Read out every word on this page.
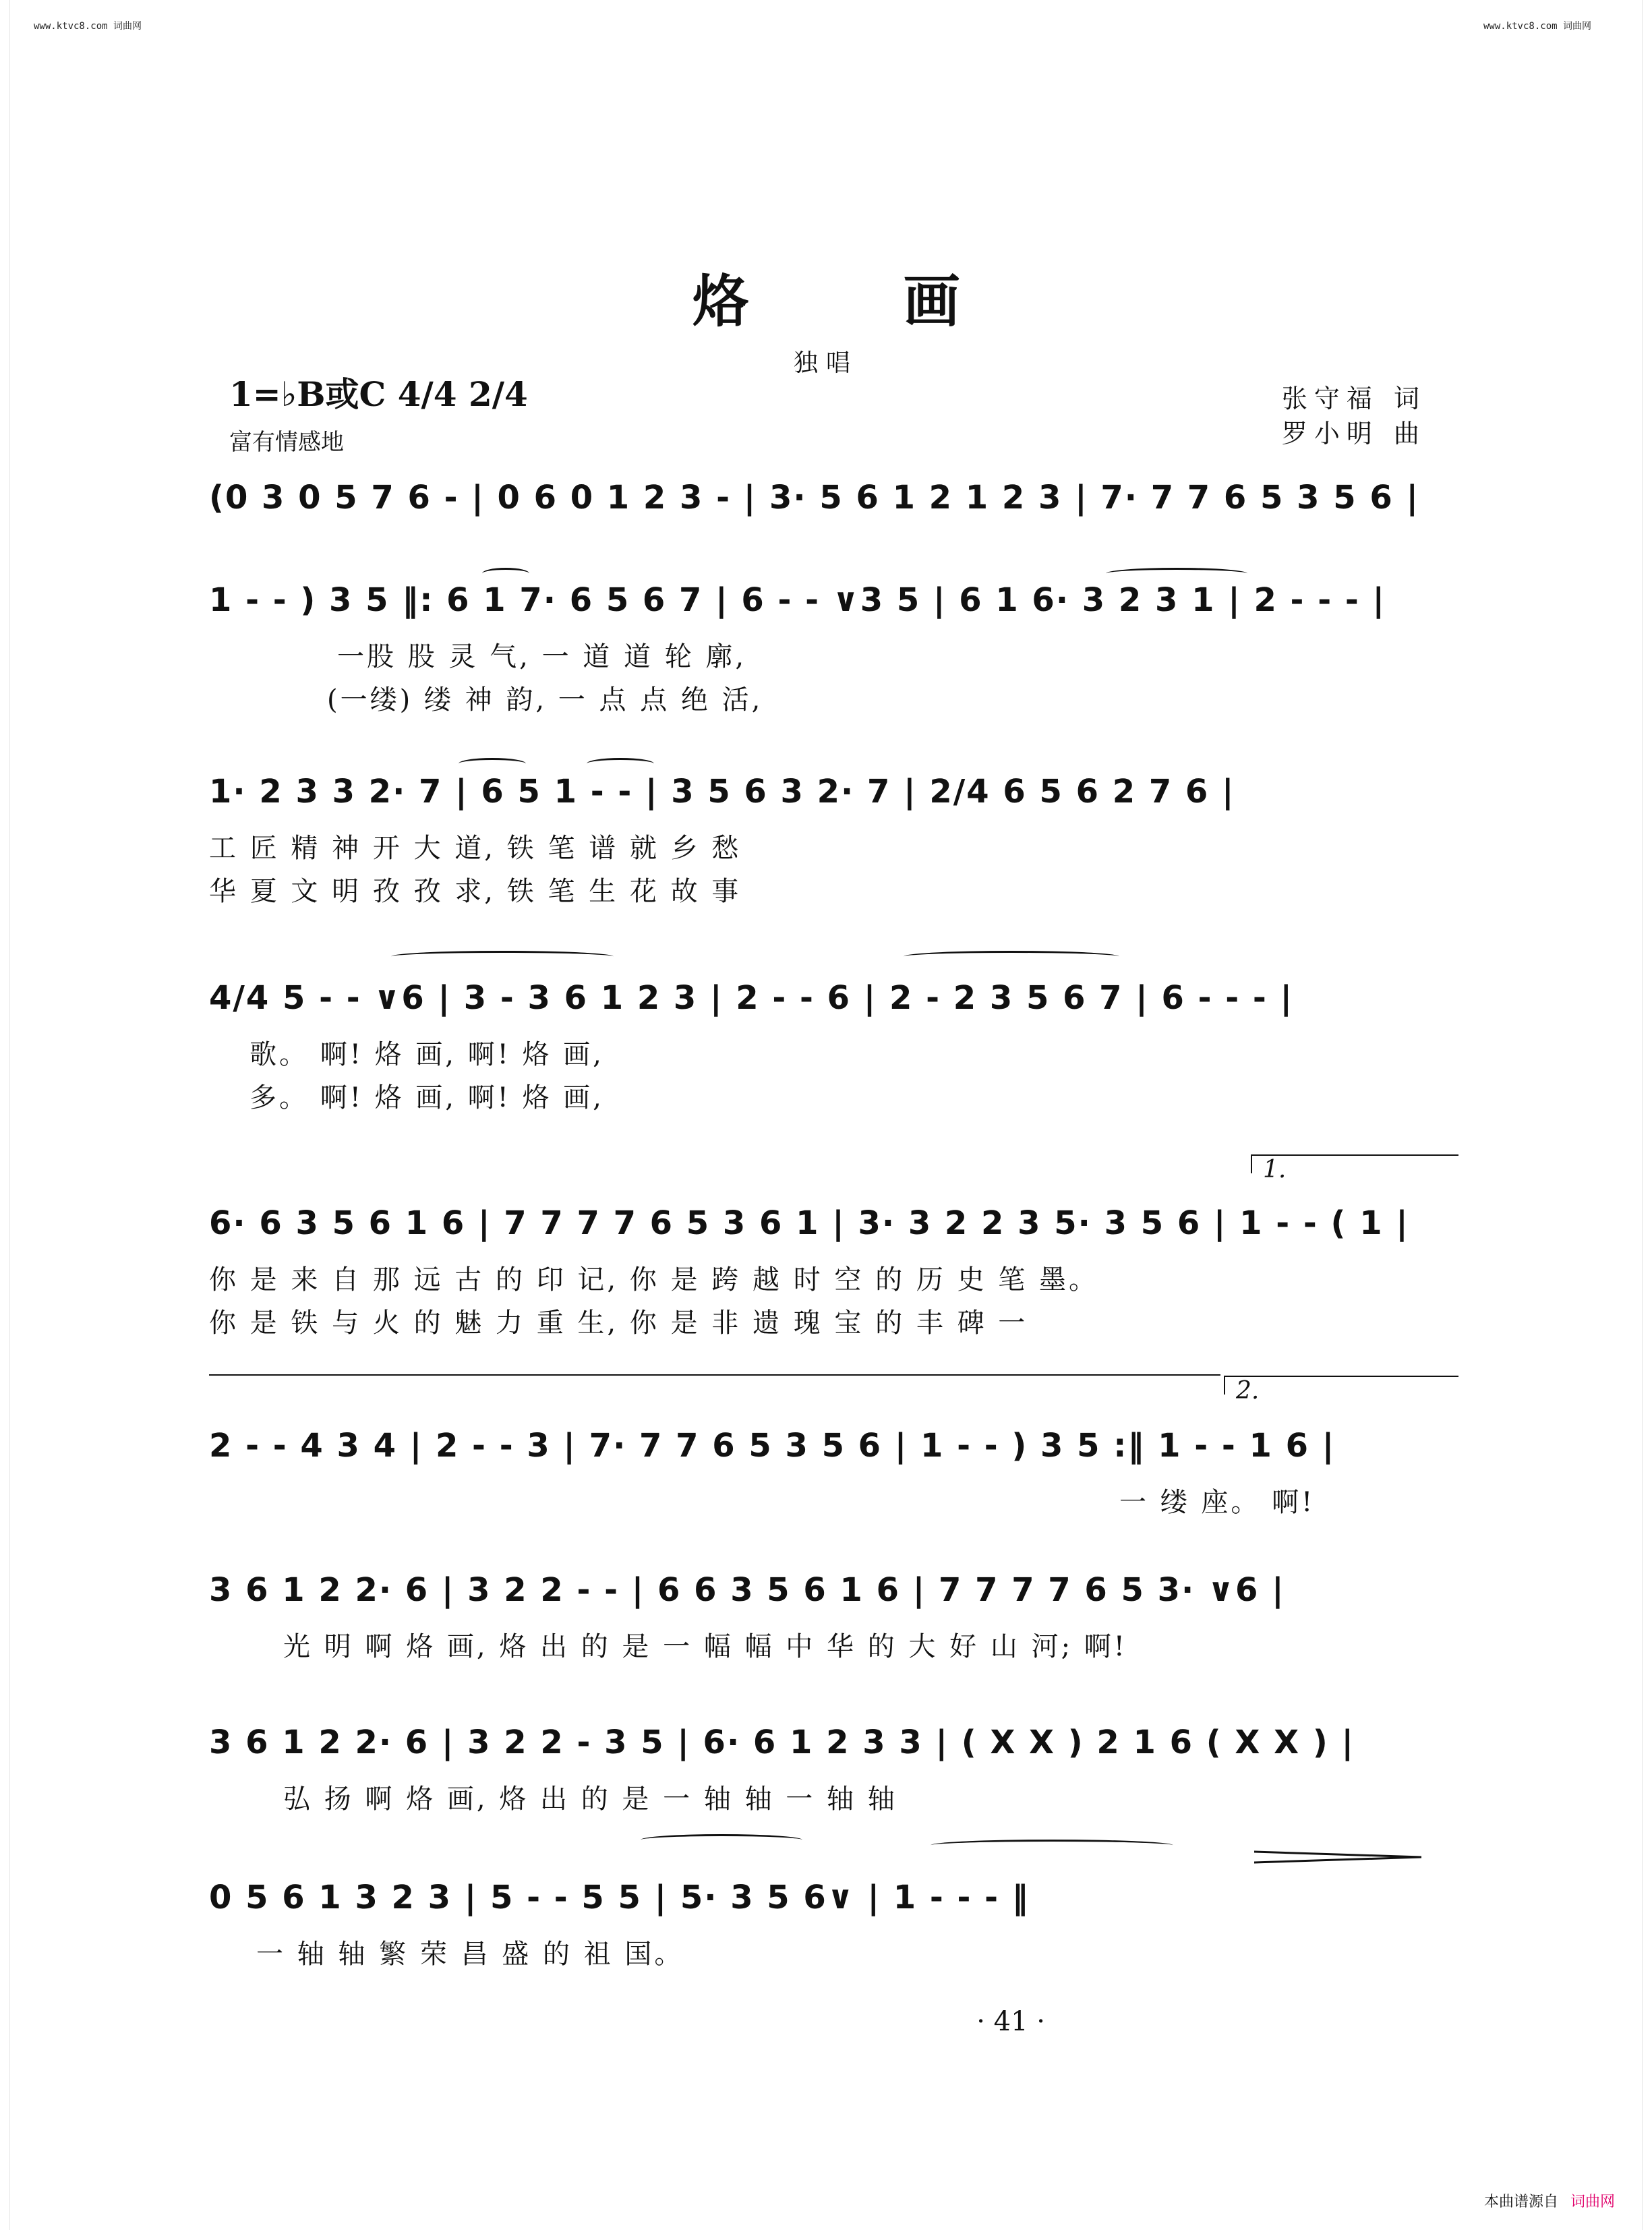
www.ktvc8.com 词曲网	www.ktvc8.com 词曲网
烙 画
独唱
1=♭B或C 4/4 2/4
富有情感地
张守福 词
罗小明 曲
(0 3 0 5 7 6 - | 0 6 0 1 2 3 - | 3· 5 6 1 2 1 2 3 | 7· 7 7 6 5 3 5 6 |
1 - - ) 3 5 ‖: 6 1 7· 6 5 6 7 | 6 - - ∨3 5 | 6 1 6· 3 2 3 1 | 2 - - - |
一股 股 灵 气, 一 道 道 轮 廓,
(一缕) 缕 神 韵, 一 点 点 绝 活,
1· 2 3 3 2· 7 | 6 5 1 - - | 3 5 6 3 2· 7 | 2/4 6 5 6 2 7 6 |
工 匠 精 神 开 大 道, 铁 笔 谱 就 乡 愁
华 夏 文 明 孜 孜 求, 铁 笔 生 花 故 事
4/4 5 - - ∨6 | 3 - 3 6 1 2 3 | 2 - - 6 | 2 - 2 3 5 6 7 | 6 - - - |
歌。 啊! 烙 画, 啊! 烙 画,
多。 啊! 烙 画, 啊! 烙 画,
1.
6· 6 3 5 6 1 6 | 7 7 7 7 6 5 3 6 1 | 3· 3 2 2 3 5· 3 5 6 | 1 - - ( 1 |
你 是 来 自 那 远 古 的 印 记, 你 是 跨 越 时 空 的 历 史 笔 墨。
你 是 铁 与 火 的 魅 力 重 生, 你 是 非 遗 瑰 宝 的 丰 碑 一
2.
2 - - 4 3 4 | 2 - - 3 | 7· 7 7 6 5 3 5 6 | 1 - - ) 3 5 :‖ 1 - - 1 6 |
一 缕 座。 啊!
3 6 1 2 2· 6 | 3 2 2 - - | 6 6 3 5 6 1 6 | 7 7 7 7 6 5 3· ∨6 |
光 明 啊 烙 画, 烙 出 的 是 一 幅 幅 中 华 的 大 好 山 河; 啊!
3 6 1 2 2· 6 | 3 2 2 - 3 5 | 6· 6 1 2 3 3 | ( X X ) 2 1 6 ( X X ) |
弘 扬 啊 烙 画, 烙 出 的 是 一 轴 轴 一 轴 轴
0 5 6 1 3 2 3 | 5 - - 5 5 | 5· 3 5 6∨ | 1 - - - ‖
一 轴 轴 繁 荣 昌 盛 的 祖 国。
· 41 ·
本曲谱源自 词曲网
